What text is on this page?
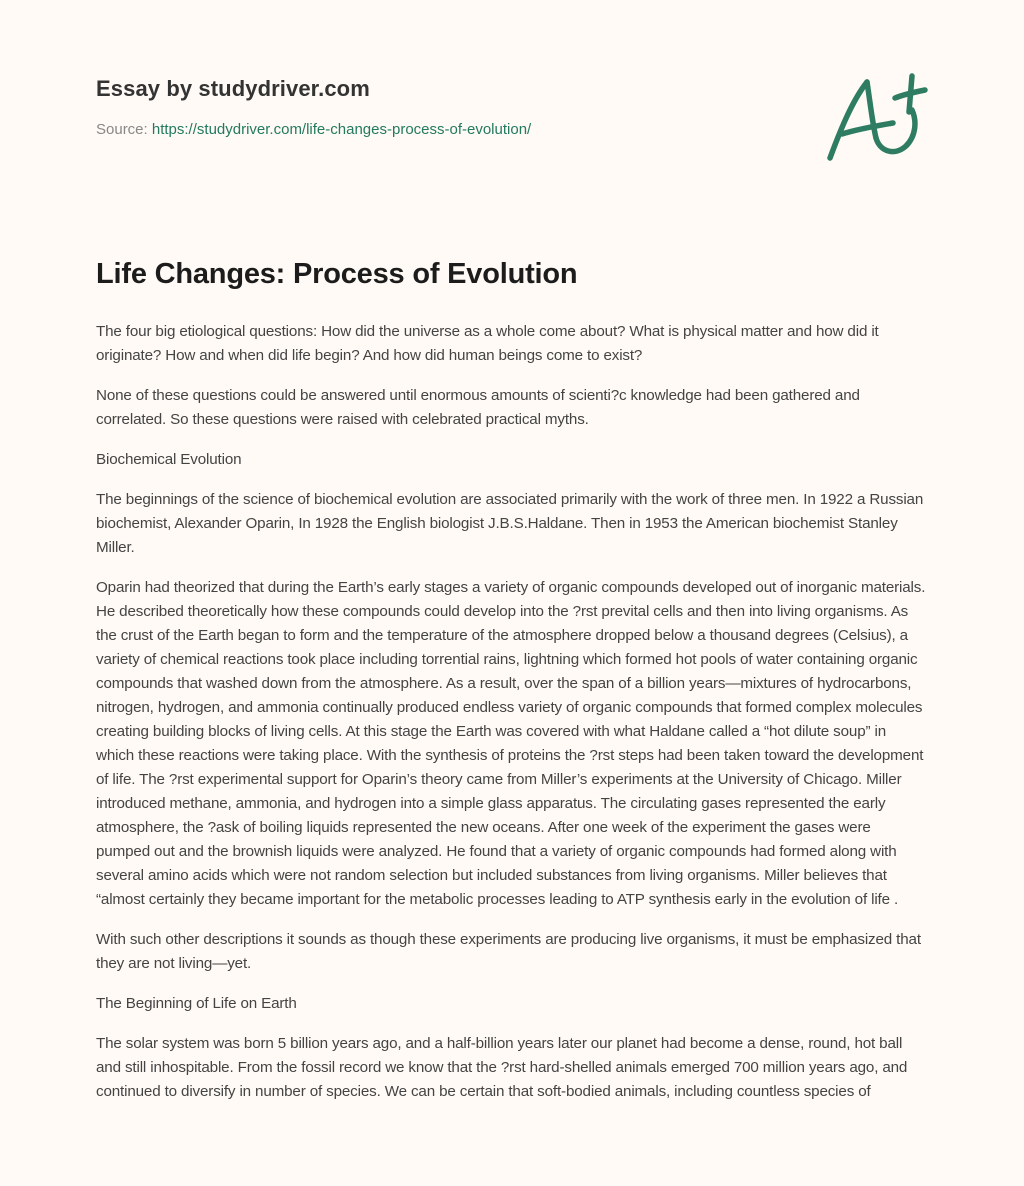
Essay by studydriver.com
Source: https://studydriver.com/life-changes-process-of-evolution/
Life Changes: Process of Evolution

The four big etiological questions: How did the universe as a whole come about? What is physical matter and how did it originate? How and when did life begin? And how did human beings come to exist?

None of these questions could be answered until enormous amounts of scienti?c knowledge had been gathered and correlated. So these questions were raised with celebrated practical myths.

Biochemical Evolution

The beginnings of the science of biochemical evolution are associated primarily with the work of three men. In 1922 a Russian biochemist, Alexander Oparin, In 1928 the English biologist J.B.S.Haldane. Then in 1953 the American biochemist Stanley Miller.

Oparin had theorized that during the Earth’s early stages a variety of organic compounds developed out of inorganic materials. He described theoretically how these compounds could develop into the ?rst prevital cells and then into living organisms. As the crust of the Earth began to form and the temperature of the atmosphere dropped below a thousand degrees (Celsius), a variety of chemical reactions took place including torrential rains, lightning which formed hot pools of water containing organic compounds that washed down from the atmosphere. As a result, over the span of a billion years—mixtures of hydrocarbons, nitrogen, hydrogen, and ammonia continually produced endless variety of organic compounds that formed complex molecules creating building blocks of living cells. At this stage the Earth was covered with what Haldane called a “hot dilute soup” in which these reactions were taking place. With the synthesis of proteins the ?rst steps had been taken toward the development of life. The ?rst experimental support for Oparin’s theory came from Miller’s experiments at the University of Chicago. Miller introduced methane, ammonia, and hydrogen into a simple glass apparatus. The circulating gases represented the early atmosphere, the ?ask of boiling liquids represented the new oceans. After one week of the experiment the gases were pumped out and the brownish liquids were analyzed. He found that a variety of organic compounds had formed along with several amino acids which were not random selection but included substances from living organisms. Miller believes that “almost certainly they became important for the metabolic processes leading to ATP synthesis early in the evolution of life .

With such other descriptions it sounds as though these experiments are producing live organisms, it must be emphasized that they are not living—yet.

The Beginning of Life on Earth

The solar system was born 5 billion years ago, and a half-billion years later our planet had become a dense, round, hot ball and still inhospitable. From the fossil record we know that the ?rst hard-shelled animals emerged 700 million years ago, and continued to diversify in number of species. We can be certain that soft-bodied animals, including countless species of
